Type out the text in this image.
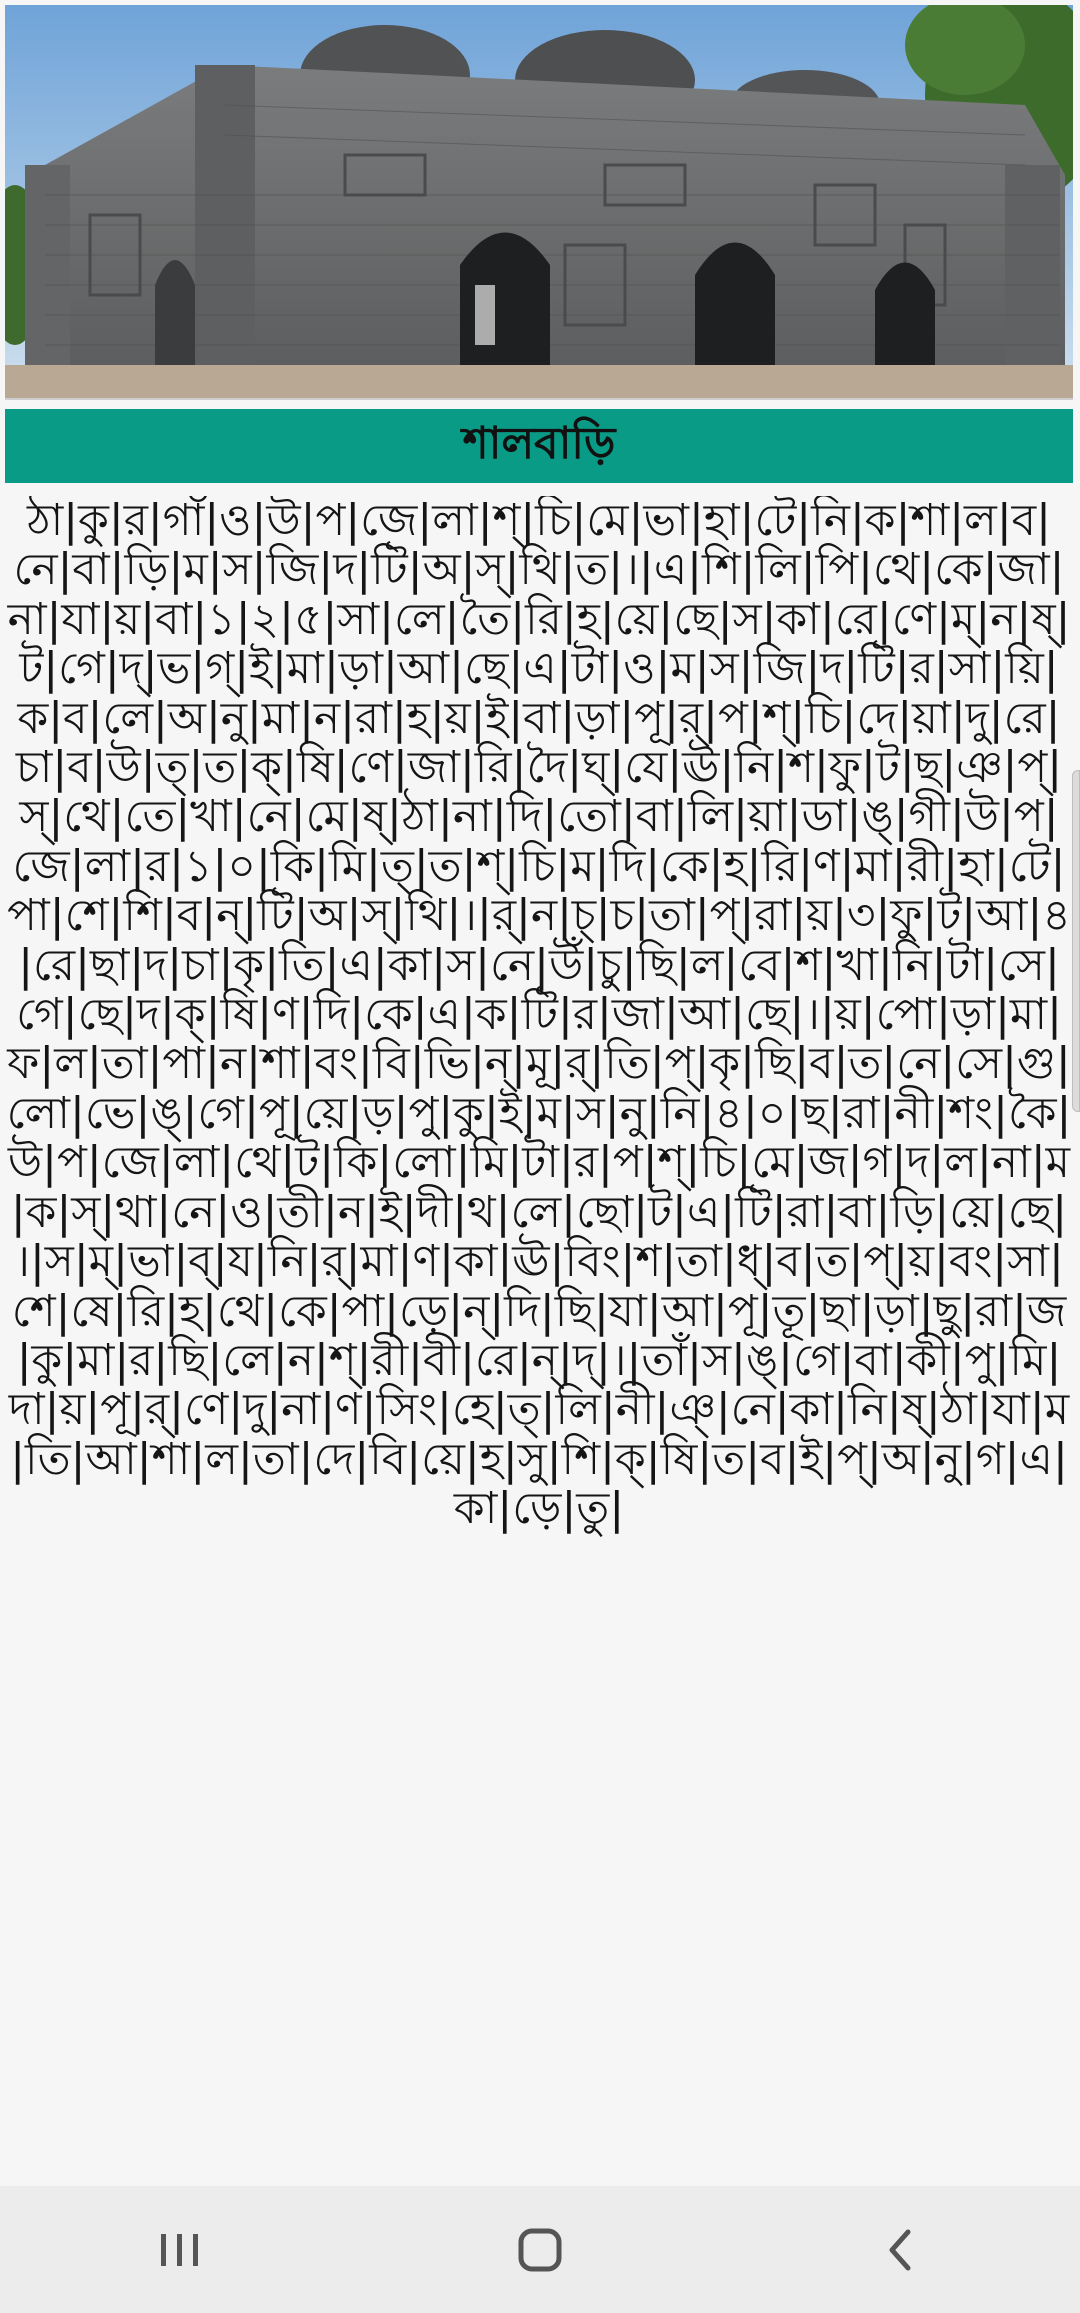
শালবাড়ি
ঠা|কু|র|গাঁ|ও|উ|প|জে|লা|শ্|চি|মে|ভা|হা|টে|নি|ক|শা|ল|ব|নে|বা|ড়ি|ম|স|জি|দ|টি|অ|স্|থি|ত|।|এ|শি|লি|পি|থে|কে|জা|না|যা|য়|বা|১|২|৫|সা|লে|তৈ|রি|হ|য়ে|ছে|স|কা|রে|ণে|ম্|ন|ষ্|ট|গে|দ্|ভ|গ্|ই|মা|ড়া|আ|ছে|এ|টা|ও|ম|স|জি|দ|টি|র|সা|য়ি|ক|ব|লে|অ|নু|মা|ন|রা|হ|য়|ই|বা|ড়া|পূ|র্|প|শ্|চি|দে|য়া|দু|রে|চা|ব|উ|ত্|ত|ক্|ষি|ণে|জা|রি|দৈ|ঘ্|যে|ঊ|নি|শ|ফু|ট|ছ|ঞ|প্|স্|থে|তে|খা|নে|মে|ষ্|ঠা|না|দি|তো|বা|লি|য়া|ডা|ঙ্|গী|উ|প|জে|লা|র|১|০|কি|মি|ত্|ত|শ্|চি|ম|দি|কে|হ|রি|ণ|মা|রী|হা|টে|পা|শে|শি|ব|ন্|টি|অ|স্|থি|।|র্|ন|চ্|চ|তা|প্|রা|য়|৩|ফু|ট|আ|৪|রে|ছা|দ|চা|কৃ|তি|এ|কা|স|নে|উঁ|চু|ছি|ল|বে|শ|খা|নি|টা|সে|গে|ছে|দ|ক্|ষি|ণ|দি|কে|এ|ক|টি|র|জা|আ|ছে|।|য়|পো|ড়া|মা|ফ|ল|তা|পা|ন|শা|বং|বি|ভি|ন্|মূ|র্|তি|প্|কৃ|ছি|ব|ত|নে|সে|গু|লো|ভে|ঙ্|গে|পূ|য়ে|ড়|পু|কু|ই|ম|স|নু|নি|৪|০|ছ|রা|নী|শং|কৈ|উ|প|জে|লা|থে|ট|কি|লো|মি|টা|র|প|শ্|চি|মে|জ|গ|দ|ল|না|ম|ক|স্|থা|নে|ও|তী|ন|ই|দী|থ|লে|ছো|ট|এ|টি|রা|বা|ড়ি|য়ে|ছে|।|স|ম্|ভা|ব্|য|নি|র্|মা|ণ|কা|ঊ|বিং|শ|তা|ধ্|ব|ত|প্|য়|বং|সা|শে|ষে|রি|হ|থে|কে|পা|ড়ে|ন্|দি|ছি|যা|আ|পূ|তূ|ছা|ড়া|ছু|রা|জ|কু|মা|র|ছি|লে|ন|শ্|রী|বী|রে|ন্|দ্|।|তাঁ|স|ঙ্|গে|বা|কী|পু|মি|দা|য়|পূ|র্|ণে|দু|না|ণ|সিং|হে|ত্|লি|নী|ঞ্|নে|কা|নি|ষ্|ঠা|যা|ম|তি|আ|শা|ল|তা|দে|বি|য়ে|হ|সু|শি|ক্|ষি|ত|ব|ই|প্|অ|নু|গ|এ|কা|ড়ে|তু|
